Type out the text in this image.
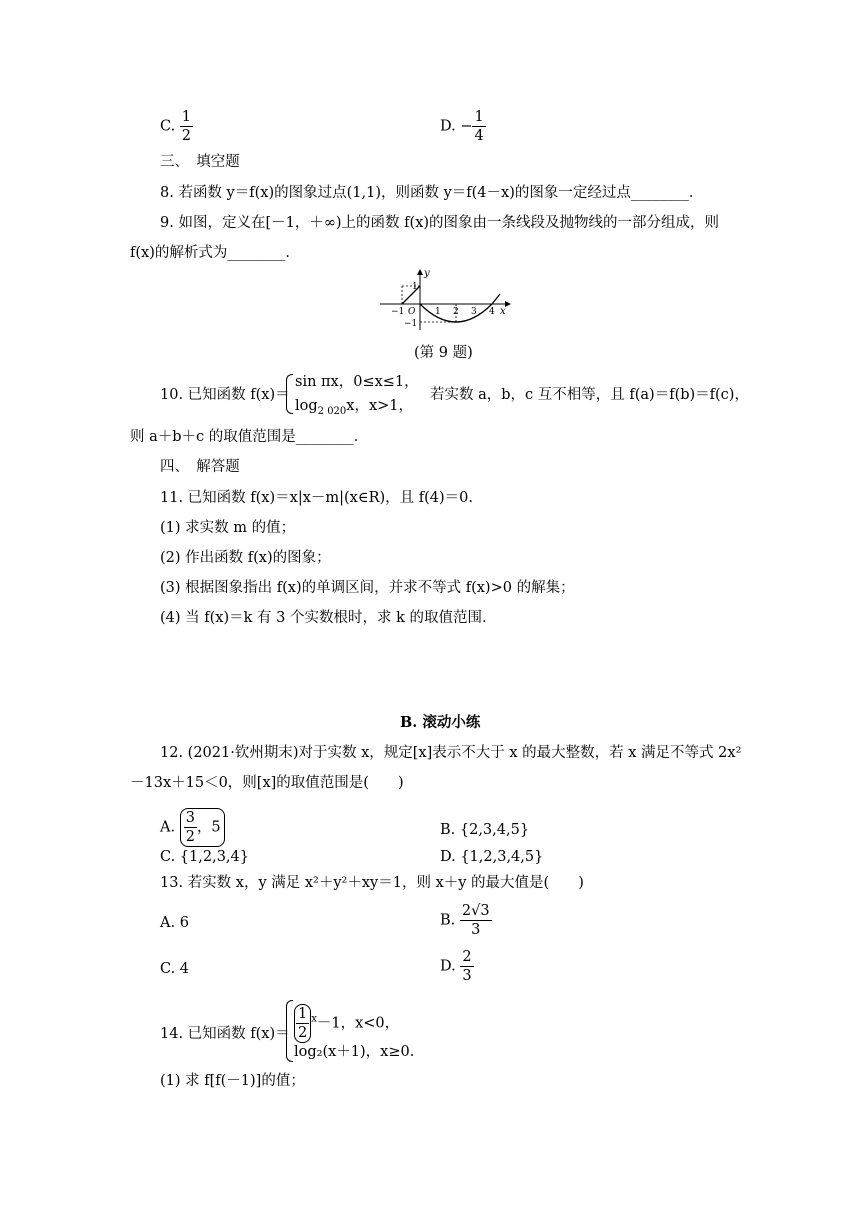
C. $\frac{1}{2}$	D. − $\frac{1}{4}$
三、　填空题
8. 若函数 y＝f(x)的图象过点(1,1)，则函数 y＝f(4－x)的图象一定经过点________．
9. 如图，定义在[－1，＋∞)上的函数 f(x)的图象由一条线段及抛物线的一部分组成，则
f(x)的解析式为________．
y
x
O
−1	1 2 3 4
1
−1
(第 9 题)
10. 已知函数 f(x)＝
sin πx，0≤x≤1，
$\log_{2 020}x$，x>1，
若实数 a，b，c 互不相等，且 f(a)＝f(b)＝f(c)，
则 a＋b＋c 的取值范围是________．
四、　解答题
11. 已知函数 f(x)＝x|x－m|(x∈R)，且 f(4)＝0.
(1) 求实数 m 的值；
(2) 作出函数 f(x)的图象；
(3) 根据图象指出 f(x)的单调区间，并求不等式 f(x)>0 的解集；
(4) 当 f(x)＝k 有 3 个实数根时，求 k 的取值范围．
B. 滚动小练
12. (2021·钦州期末)对于实数 x，规定[x]表示不大于 x 的最大整数，若 x 满足不等式 2x²
－13x＋15＜0，则[x]的取值范围是(　　)
A. $\frac{3}{2}$ ，5	B. {2,3,4,5}
C. {1,2,3,4}	D. {1,2,3,4,5}
13. 若实数 x，y 满足 x²＋y²＋xy＝1，则 x＋y 的最大值是(　　)
A. 6	B. $\frac{2√3}{3}$
C. 4	D. $\frac{2}{3}$
14. 已知函数 $f(x)= \frac{1}{2} ^x-1$，x<0，
log₂(x＋1)，x≥0.
(1) 求 f[f(－1)]的值；
